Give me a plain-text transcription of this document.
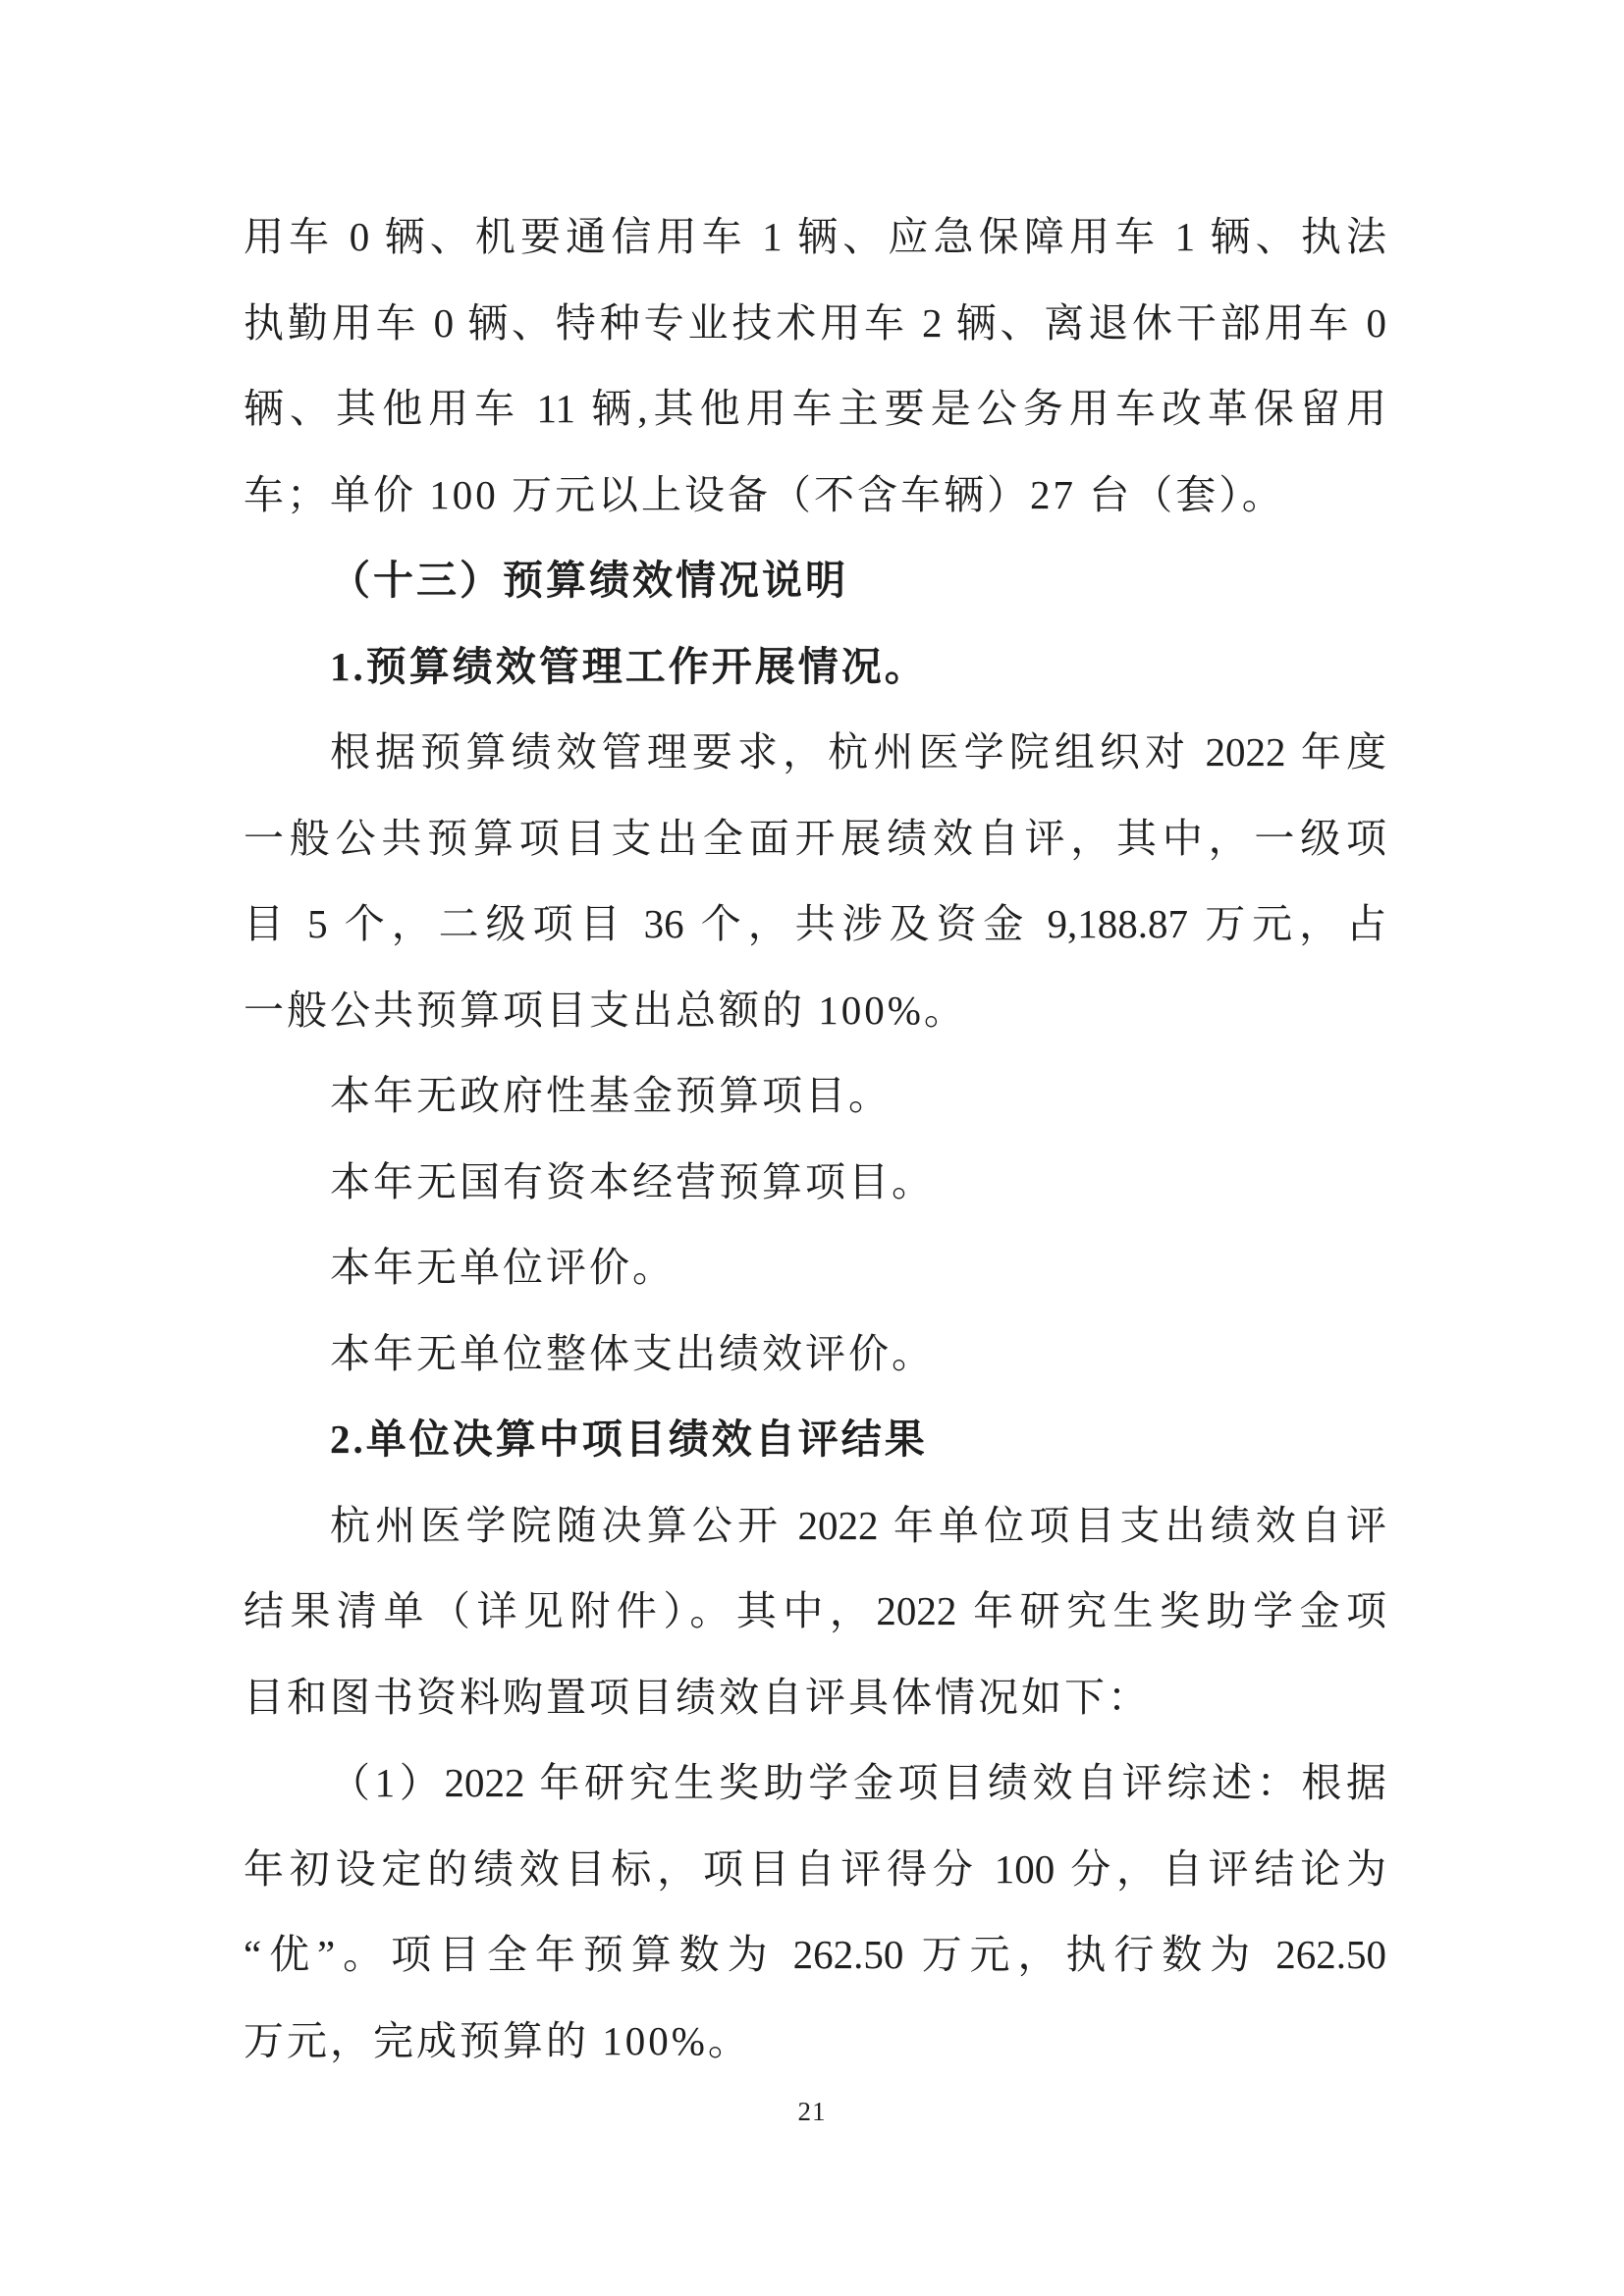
用车 0 辆、机要通信用车 1 辆、应急保障用车 1 辆、执法
执勤用车 0 辆、特种专业技术用车 2 辆、离退休干部用车 0
辆、其他用车 11 辆,其他用车主要是公务用车改革保留用
车；单价 100 万元以上设备（不含车辆）27 台（套）。
（十三）预算绩效情况说明
1.预算绩效管理工作开展情况。
根据预算绩效管理要求，杭州医学院组织对 2022 年度
一般公共预算项目支出全面开展绩效自评，其中，一级项
目 5 个，二级项目 36 个，共涉及资金 9,188.87 万元，占
一般公共预算项目支出总额的 100%。
本年无政府性基金预算项目。
本年无国有资本经营预算项目。
本年无单位评价。
本年无单位整体支出绩效评价。
2.单位决算中项目绩效自评结果
杭州医学院随决算公开 2022 年单位项目支出绩效自评
结果清单（详见附件）。其中，2022 年研究生奖助学金项
目和图书资料购置项目绩效自评具体情况如下：
（1）2022 年研究生奖助学金项目绩效自评综述：根据
年初设定的绩效目标，项目自评得分 100 分，自评结论为
“优”。项目全年预算数为 262.50 万元，执行数为 262.50
万元，完成预算的 100%。
21
